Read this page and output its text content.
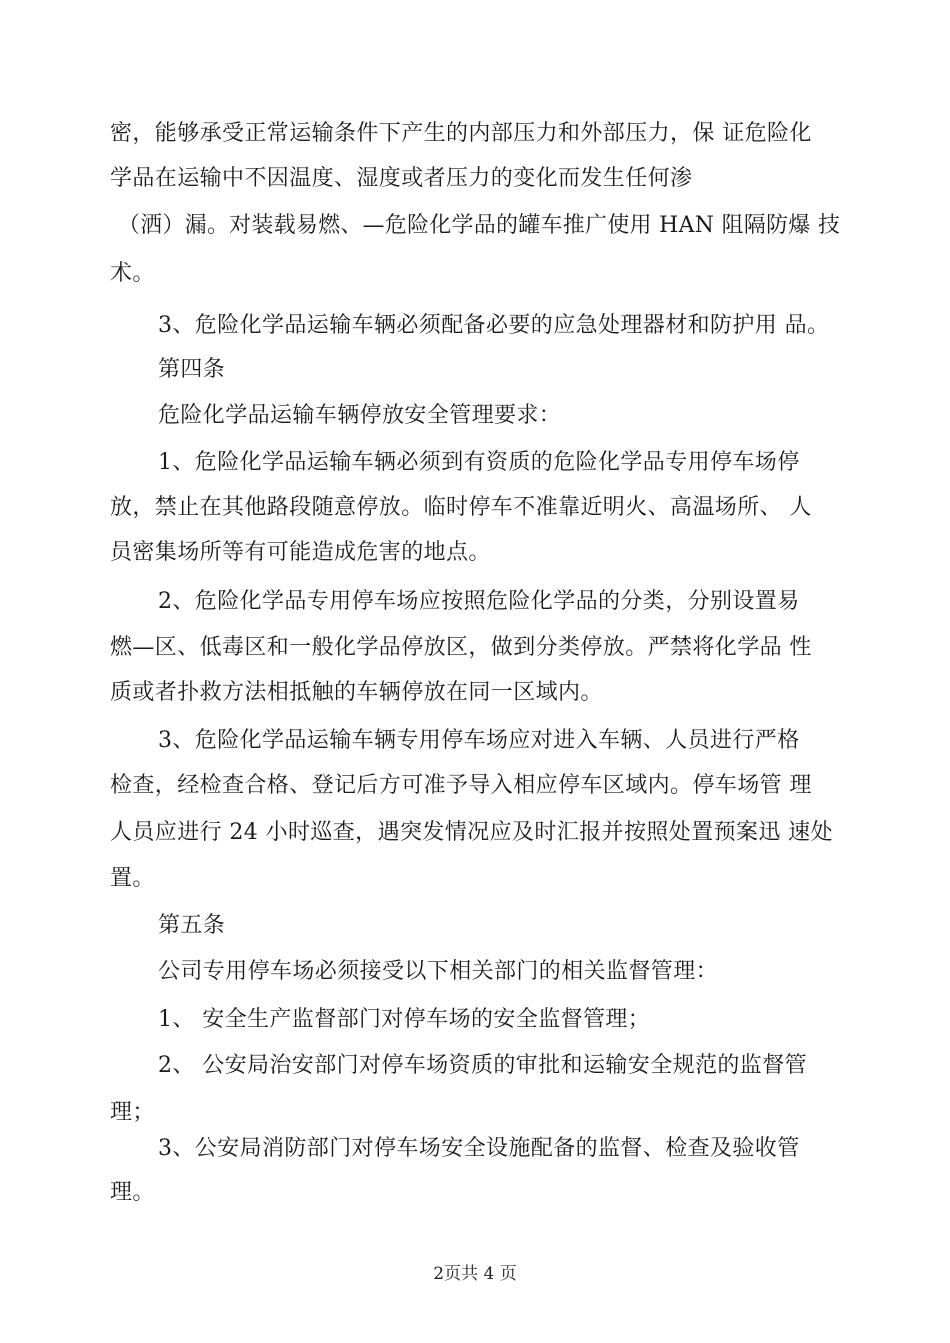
密，能够承受正常运输条件下产生的内部压力和外部压力，保 证危险化
学品在运输中不因温度、湿度或者压力的变化而发生任何渗
（洒）漏。对装载易燃、—危险化学品的罐车推广使用 HAN 阻隔防爆 技
术。
3、危险化学品运输车辆必须配备必要的应急处理器材和防护用 品。
第四条
危险化学品运输车辆停放安全管理要求：
1、危险化学品运输车辆必须到有资质的危险化学品专用停车场停
放，禁止在其他路段随意停放。临时停车不准靠近明火、高温场所、 人
员密集场所等有可能造成危害的地点。
2、危险化学品专用停车场应按照危险化学品的分类，分别设置易
燃—区、低毒区和一般化学品停放区，做到分类停放。严禁将化学品 性
质或者扑救方法相抵触的车辆停放在同一区域内。
3、危险化学品运输车辆专用停车场应对进入车辆、人员进行严格
检查，经检查合格、登记后方可准予导入相应停车区域内。停车场管 理
人员应进行 24 小时巡查，遇突发情况应及时汇报并按照处置预案迅 速处
置。
第五条
公司专用停车场必须接受以下相关部门的相关监督管理：
1、 安全生产监督部门对停车场的安全监督管理；
2、 公安局治安部门对停车场资质的审批和运输安全规范的监督管
理；
3、公安局消防部门对停车场安全设施配备的监督、检查及验收管
理。
2页共 4 页
